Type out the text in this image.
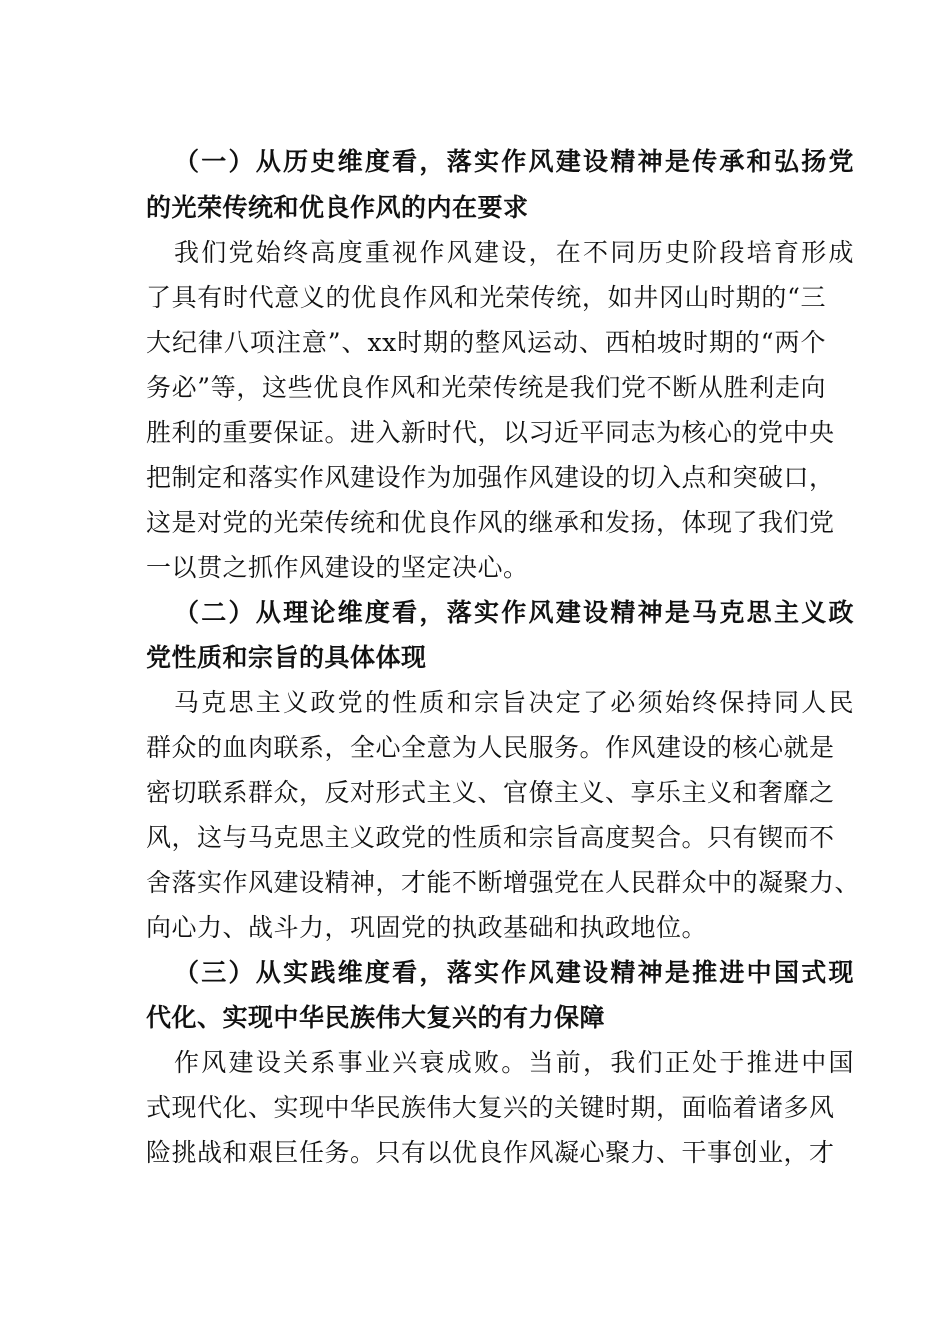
（一）从历史维度看，落实作风建设精神是传承和弘扬党
的光荣传统和优良作风的内在要求
我们党始终高度重视作风建设，在不同历史阶段培育形成
了具有时代意义的优良作风和光荣传统，如井冈山时期的“三
大纪律八项注意”、xx时期的整风运动、西柏坡时期的“两个
务必”等，这些优良作风和光荣传统是我们党不断从胜利走向
胜利的重要保证。进入新时代，以习近平同志为核心的党中央
把制定和落实作风建设作为加强作风建设的切入点和突破口，
这是对党的光荣传统和优良作风的继承和发扬，体现了我们党
一以贯之抓作风建设的坚定决心。
（二）从理论维度看，落实作风建设精神是马克思主义政
党性质和宗旨的具体体现
马克思主义政党的性质和宗旨决定了必须始终保持同人民
群众的血肉联系，全心全意为人民服务。作风建设的核心就是
密切联系群众，反对形式主义、官僚主义、享乐主义和奢靡之
风，这与马克思主义政党的性质和宗旨高度契合。只有锲而不
舍落实作风建设精神，才能不断增强党在人民群众中的凝聚力、
向心力、战斗力，巩固党的执政基础和执政地位。
（三）从实践维度看，落实作风建设精神是推进中国式现
代化、实现中华民族伟大复兴的有力保障
作风建设关系事业兴衰成败。当前，我们正处于推进中国
式现代化、实现中华民族伟大复兴的关键时期，面临着诸多风
险挑战和艰巨任务。只有以优良作风凝心聚力、干事创业，才
